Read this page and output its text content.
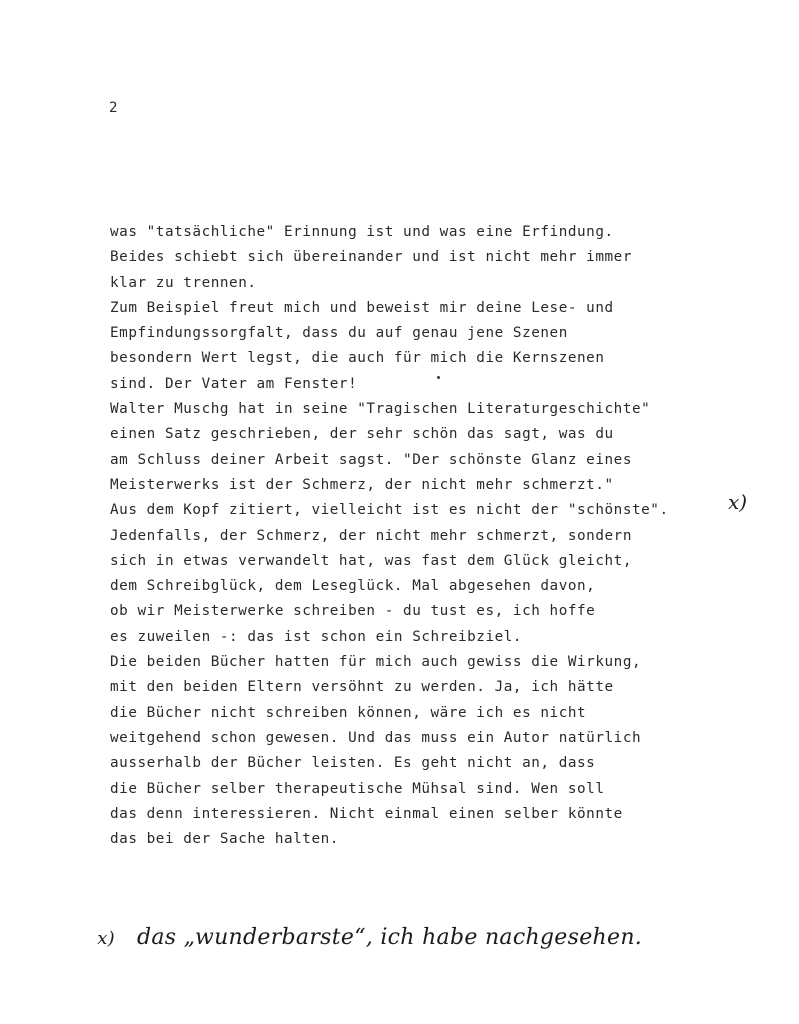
2
was "tatsächliche" Erinnung ist und was eine Erfindung.
Beides schiebt sich übereinander und ist nicht mehr immer
klar zu trennen.
Zum Beispiel freut mich und beweist mir deine Lese- und
Empfindungssorgfalt, dass du auf genau jene Szenen
besondern Wert legst, die auch für mich die Kernszenen
sind. Der Vater am Fenster!
Walter Muschg hat in seine "Tragischen Literaturgeschichte"
einen Satz geschrieben, der sehr schön das sagt, was du
am Schluss deiner Arbeit sagst. "Der schönste Glanz eines
Meisterwerks ist der Schmerz, der nicht mehr schmerzt."
Aus dem Kopf zitiert, vielleicht ist es nicht der "schönste".
Jedenfalls, der Schmerz, der nicht mehr schmerzt, sondern
sich in etwas verwandelt hat, was fast dem Glück gleicht,
dem Schreibglück, dem Leseglück. Mal abgesehen davon,
ob wir Meisterwerke schreiben - du tust es, ich hoffe
es zuweilen -: das ist schon ein Schreibziel.
Die beiden Bücher hatten für mich auch gewiss die Wirkung,
mit den beiden Eltern versöhnt zu werden. Ja, ich hätte
die Bücher nicht schreiben können, wäre ich es nicht
weitgehend schon gewesen. Und das muss ein Autor natürlich
ausserhalb der Bücher leisten. Es geht nicht an, dass
die Bücher selber therapeutische Mühsal sind. Wen soll
das denn interessieren. Nicht einmal einen selber könnte
das bei der Sache halten.
x)

x) das „wunderbarste“, ich habe nachgesehen.
